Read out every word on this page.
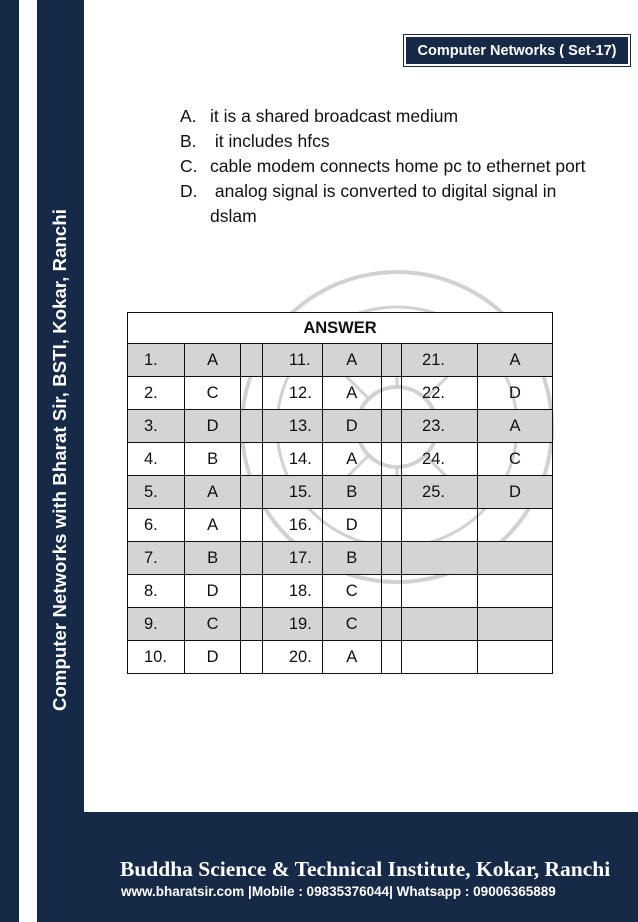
Computer Networks with Bharat Sir, BSTI, Kokar, Ranchi
Computer Networks ( Set-17)
A. it is a shared broadcast medium
B. it includes hfcs
C. cable modem connects home pc to ethernet port
D. analog signal is converted to digital signal in dslam
ANSWER							
1.	A		11.	A		21.	A
2.	C		12.	A		22.	D
3.	D		13.	D		23.	A
4.	B		14.	A		24.	C
5.	A		15.	B		25.	D
6.	A		16.	D			
7.	B		17.	B			
8.	D		18.	C			
9.	C		19.	C			
10.	D		20.	A			
Buddha Science & Technical Institute, Kokar, Ranchi
www.bharatsir.com |Mobile : 09835376044| Whatsapp : 09006365889
